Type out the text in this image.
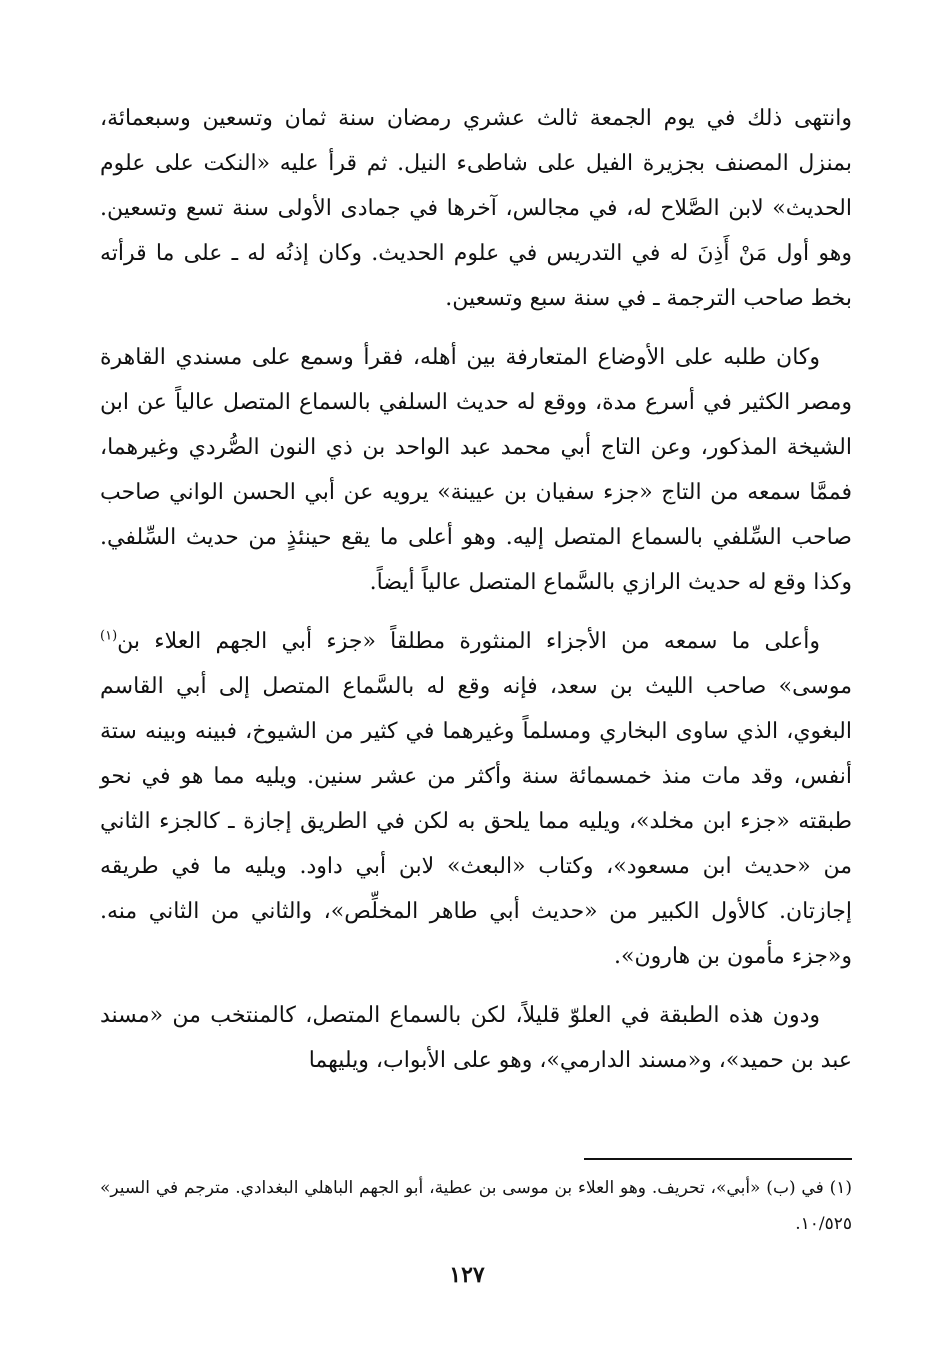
وانتهى ذلك في يوم الجمعة ثالث عشري رمضان سنة ثمان وتسعين وسبعمائة، بمنزل المصنف بجزيرة الفيل على شاطىء النيل. ثم قرأ عليه «النكت على علوم الحديث» لابن الصَّلاح له، في مجالس، آخرها في جمادى الأولى سنة تسع وتسعين. وهو أول مَنْ أَذِنَ له في التدريس في علوم الحديث. وكان إذنُه له ـ على ما قرأته بخط صاحب الترجمة ـ في سنة سبع وتسعين.

وكان طلبه على الأوضاع المتعارفة بين أهله، فقرأ وسمع على مسندي القاهرة ومصر الكثير في أسرع مدة، ووقع له حديث السلفي بالسماع المتصل عالياً عن ابن الشيخة المذكور، وعن التاج أبي محمد عبد الواحد بن ذي النون الصُّردي وغيرهما، فممَّا سمعه من التاج «جزء سفيان بن عيينة» يرويه عن أبي الحسن الواني صاحب صاحب السِّلفي بالسماع المتصل إليه. وهو أعلى ما يقع حينئذٍ من حديث السِّلفي. وكذا وقع له حديث الرازي بالسَّماع المتصل عالياً أيضاً.

وأعلى ما سمعه من الأجزاء المنثورة مطلقاً «جزء أبي الجهم العلاء بن$^{(١)}$ موسى» صاحب الليث بن سعد، فإنه وقع له بالسَّماع المتصل إلى أبي القاسم البغوي، الذي ساوى البخاري ومسلماً وغيرهما في كثير من الشيوخ، فبينه وبينه ستة أنفس، وقد مات منذ خمسمائة سنة وأكثر من عشر سنين. ويليه مما هو في نحو طبقته «جزء ابن مخلد»، ويليه مما يلحق به لكن في الطريق إجازة ـ كالجزء الثاني من «حديث ابن مسعود»، وكتاب «البعث» لابن أبي داود. ويليه ما في طريقه إجازتان. كالأول الكبير من «حديث أبي طاهر المخلِّص»، والثاني من الثاني منه. و«جزء مأمون بن هارون».

ودون هذه الطبقة في العلوّ قليلاً، لكن بالسماع المتصل، كالمنتخب من «مسند عبد بن حميد»، و«مسند الدارمي»، وهو على الأبواب، ويليهما

(١) في (ب) «أبي»، تحريف. وهو العلاء بن موسى بن عطية، أبو الجهم الباهلي البغدادي. مترجم في السير» ١٠/٥٢٥.
١٢٧
